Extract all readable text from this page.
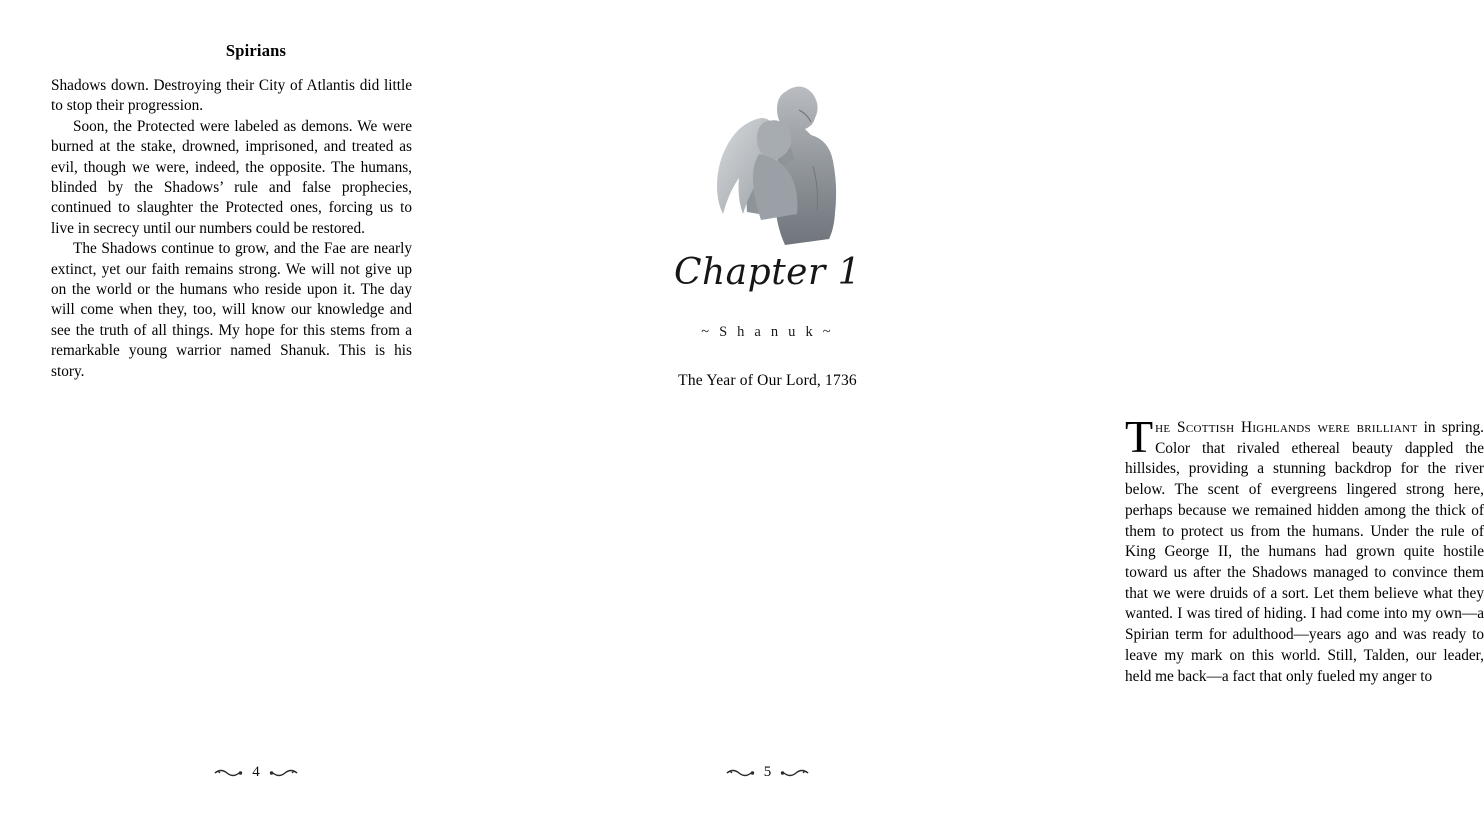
Spirians

Shadows down. Destroying their City of Atlantis did little to stop their progression.

Soon, the Protected were labeled as demons. We were burned at the stake, drowned, imprisoned, and treated as evil, though we were, indeed, the opposite. The humans, blinded by the Shadows’ rule and false prophecies, continued to slaughter the Protected ones, forcing us to live in secrecy until our numbers could be restored.

The Shadows continue to grow, and the Fae are nearly extinct, yet our faith remains strong. We will not give up on the world or the humans who reside upon it. The day will come when they, too, will know our knowledge and see the truth of all things. My hope for this stems from a remarkable young warrior named Shanuk. This is his story.

4
Chapter 1
~ S h a n u k ~
The Year of Our Lord, 1736

The Scottish Highlands were brilliant in spring. Color that rivaled ethereal beauty dappled the hillsides, providing a stunning backdrop for the river below. The scent of evergreens lingered strong here, perhaps because we remained hidden among the thick of them to protect us from the humans. Under the rule of King George II, the humans had grown quite hostile toward us after the Shadows managed to convince them that we were druids of a sort. Let them believe what they wanted. I was tired of hiding. I had come into my own—a Spirian term for adulthood—years ago and was ready to leave my mark on this world. Still, Talden, our leader, held me back—a fact that only fueled my anger to

5
